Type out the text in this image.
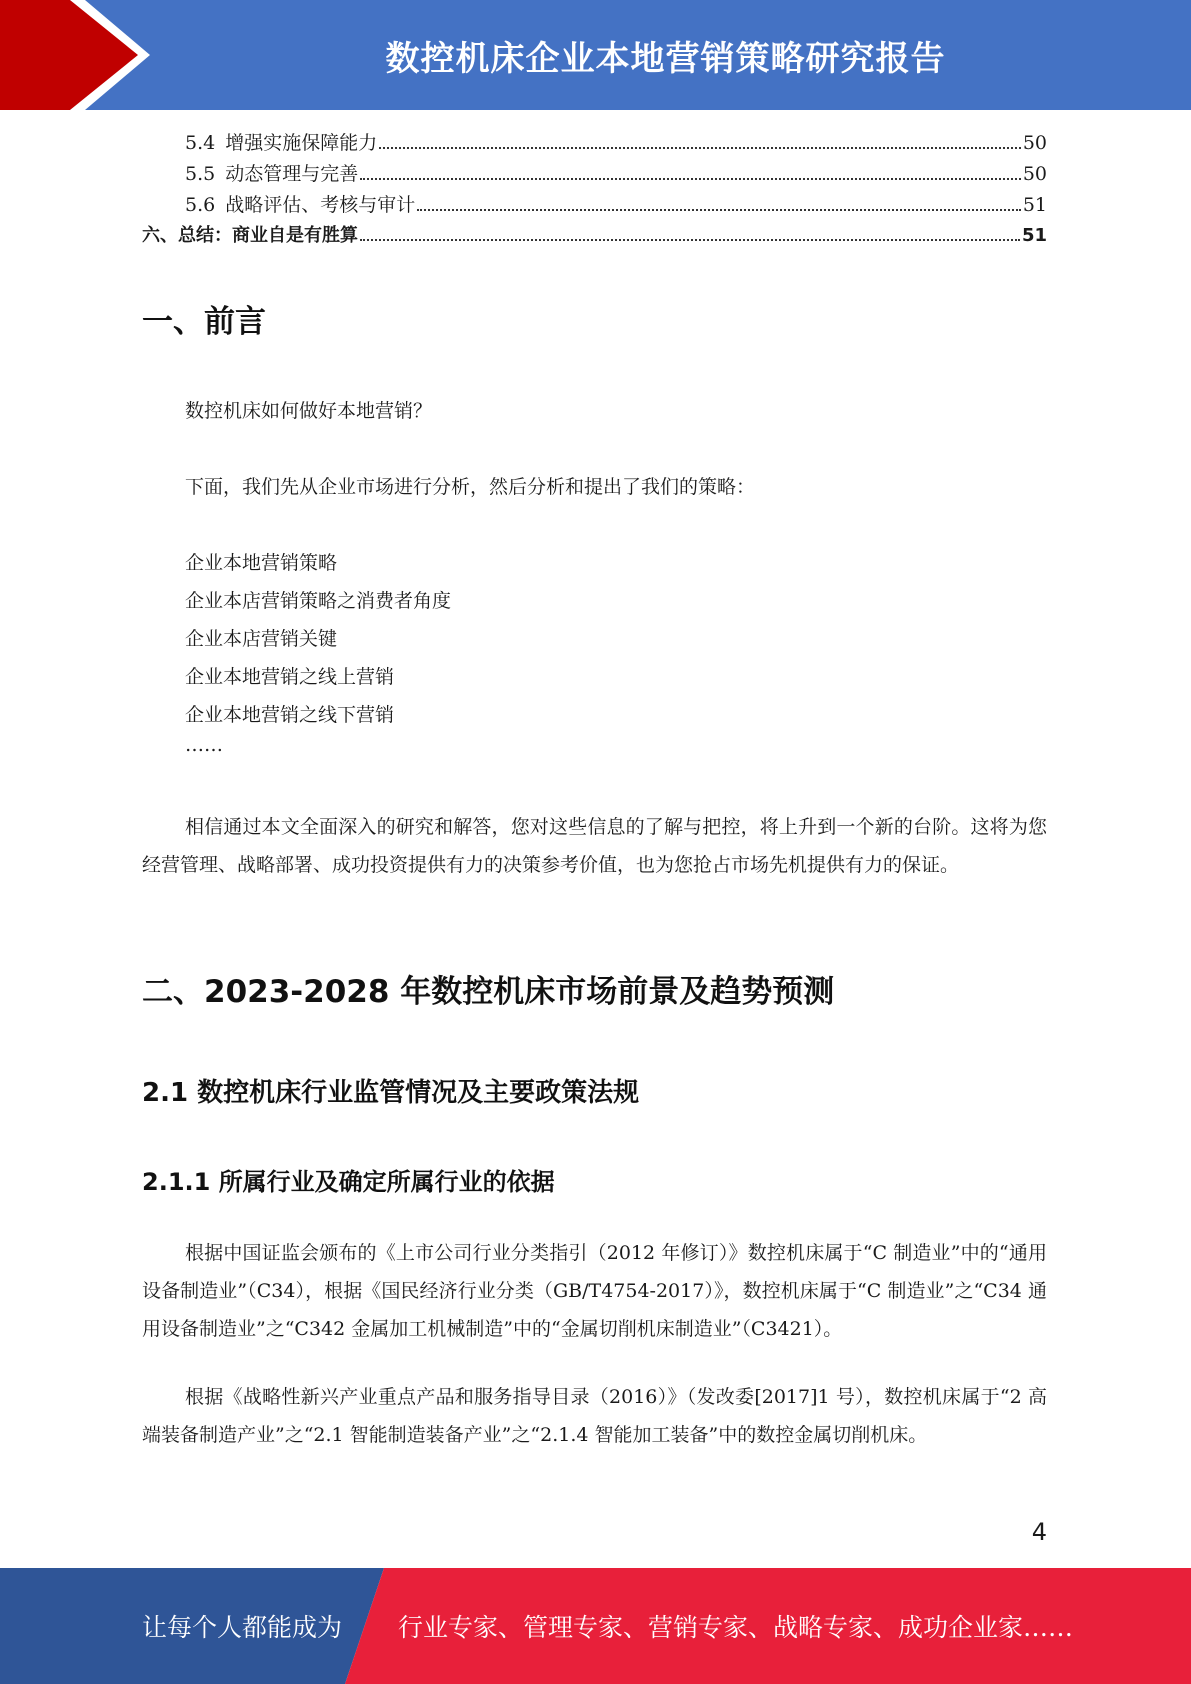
数控机床企业本地营销策略研究报告
5.4 增强实施保障能力	50
5.5 动态管理与完善	50
5.6 战略评估、考核与审计	51
六、总结：商业自是有胜算	51
一、前言
数控机床如何做好本地营销？
下面，我们先从企业市场进行分析，然后分析和提出了我们的策略：
企业本地营销策略
企业本店营销策略之消费者角度
企业本店营销关键
企业本地营销之线上营销
企业本地营销之线下营销
……
相信通过本文全面深入的研究和解答，您对这些信息的了解与把控，将上升到一个新的台阶。这将为您经营管理、战略部署、成功投资提供有力的决策参考价值，也为您抢占市场先机提供有力的保证。
二、2023-2028 年数控机床市场前景及趋势预测
2.1 数控机床行业监管情况及主要政策法规
2.1.1 所属行业及确定所属行业的依据
根据中国证监会颁布的《上市公司行业分类指引（2012 年修订）》数控机床属于“C 制造业”中的“通用设备制造业”（C34），根据《国民经济行业分类（GB/T4754-2017）》，数控机床属于“C 制造业”之“C34 通用设备制造业”之“C342 金属加工机械制造”中的“金属切削机床制造业”（C3421）。
根据《战略性新兴产业重点产品和服务指导目录（2016）》（发改委[2017]1 号），数控机床属于“2 高端装备制造产业”之“2.1 智能制造装备产业”之“2.1.4 智能加工装备”中的数控金属切削机床。
4
让每个人都能成为 行业专家、管理专家、营销专家、战略专家、成功企业家……
